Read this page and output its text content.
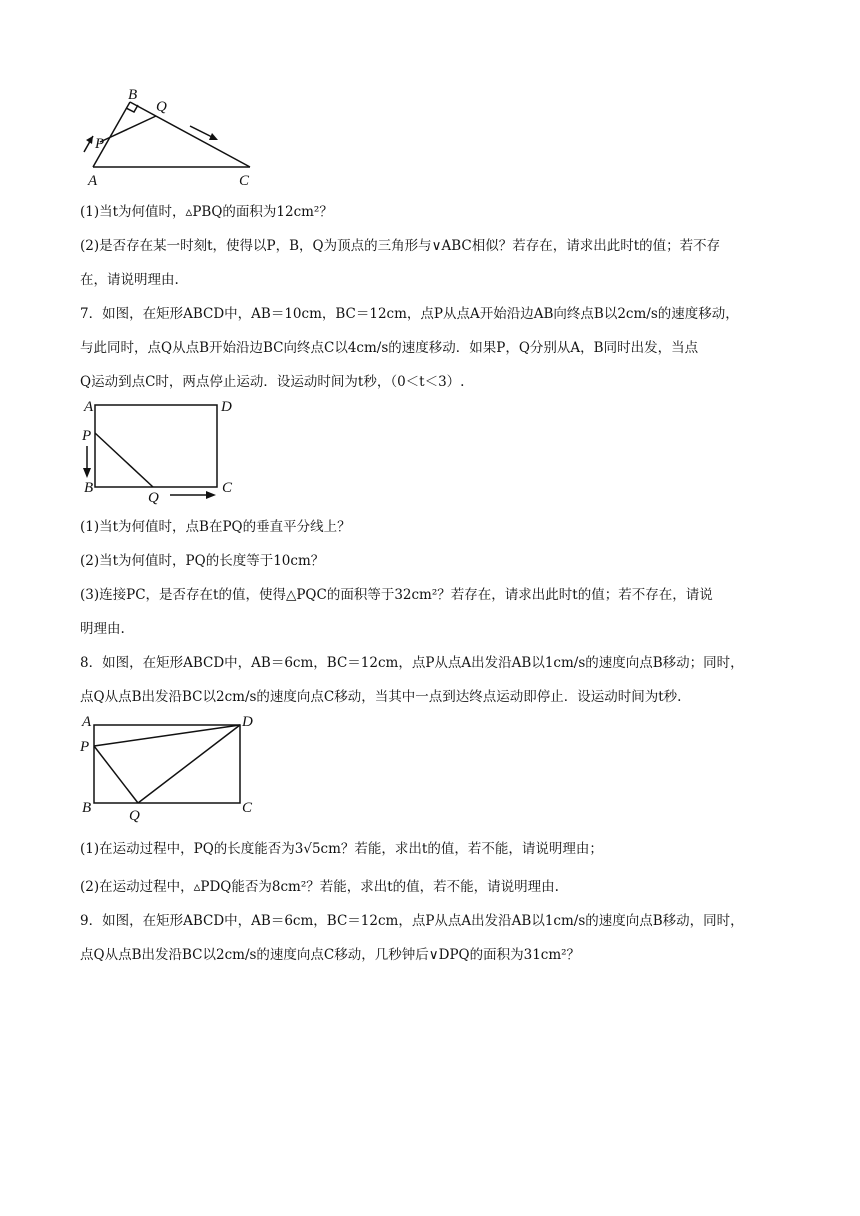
B
Q
P
A	C
(1)当t为何值时，▵PBQ的面积为12cm²？
(2)是否存在某一时刻t，使得以P，B，Q为顶点的三角形与∨ABC相似？若存在，请求出此时t的值；若不存
在，请说明理由.
7．如图，在矩形ABCD中，AB＝10cm，BC＝12cm，点P从点A开始沿边AB向终点B以2cm/s的速度移动，
与此同时，点Q从点B开始沿边BC向终点C以4cm/s的速度移动．如果P，Q分别从A，B同时出发，当点
Q运动到点C时，两点停止运动．设运动时间为t秒，（0＜t＜3）.
A	D
P
B	C
Q
(1)当t为何值时，点B在PQ的垂直平分线上？
(2)当t为何值时，PQ的长度等于10cm？
(3)连接PC，是否存在t的值，使得△PQC的面积等于32cm²？若存在，请求出此时t的值；若不存在，请说
明理由.
8．如图，在矩形ABCD中，AB＝6cm，BC＝12cm，点P从点A出发沿AB以1cm/s的速度向点B移动；同时，
点Q从点B出发沿BC以2cm/s的速度向点C移动，当其中一点到达终点运动即停止．设运动时间为t秒.
A	D
P
B	C
Q
(1)在运动过程中，PQ的长度能否为3√5cm？若能，求出t的值，若不能，请说明理由；
(2)在运动过程中，▵PDQ能否为8cm²？若能，求出t的值，若不能，请说明理由.
9．如图，在矩形ABCD中，AB＝6cm，BC＝12cm，点P从点A出发沿AB以1cm/s的速度向点B移动，同时，
点Q从点B出发沿BC以2cm/s的速度向点C移动，几秒钟后∨DPQ的面积为31cm²？
